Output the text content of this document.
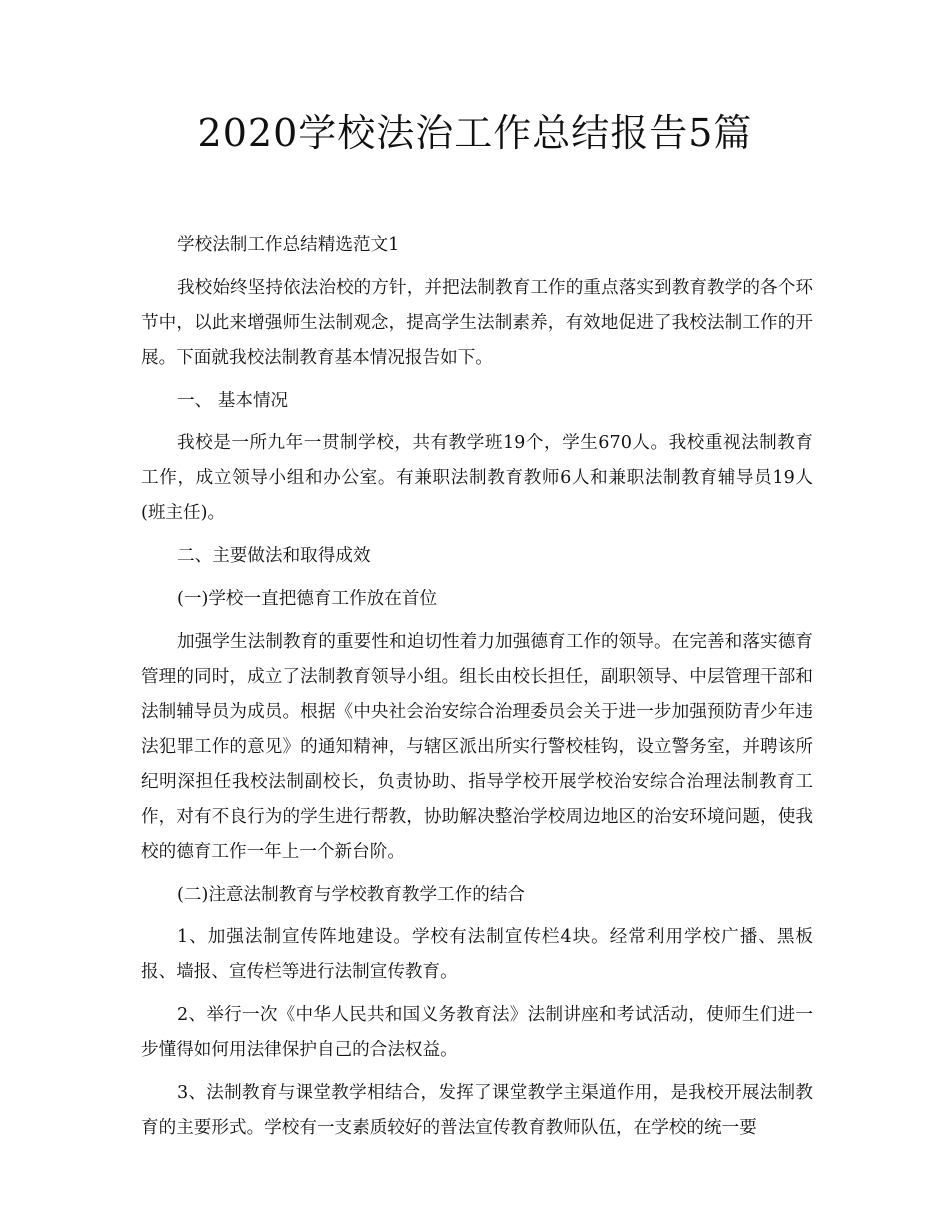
2020学校法治工作总结报告5篇

学校法制工作总结精选范文1

我校始终坚持依法治校的方针，并把法制教育工作的重点落实到教育教学的各个环节中，以此来增强师生法制观念，提高学生法制素养，有效地促进了我校法制工作的开展。下面就我校法制教育基本情况报告如下。

一、 基本情况

我校是一所九年一贯制学校，共有教学班19个，学生670人。我校重视法制教育工作，成立领导小组和办公室。有兼职法制教育教师6人和兼职法制教育辅导员19人(班主任)。

二、主要做法和取得成效

(一)学校一直把德育工作放在首位

加强学生法制教育的重要性和迫切性着力加强德育工作的领导。在完善和落实德育管理的同时，成立了法制教育领导小组。组长由校长担任，副职领导、中层管理干部和法制辅导员为成员。根据《中央社会治安综合治理委员会关于进一步加强预防青少年违法犯罪工作的意见》的通知精神，与辖区派出所实行警校桂钩，设立警务室，并聘该所纪明深担任我校法制副校长，负责协助、指导学校开展学校治安综合治理法制教育工作，对有不良行为的学生进行帮教，协助解决整治学校周边地区的治安环境问题，使我校的德育工作一年上一个新台阶。

(二)注意法制教育与学校教育教学工作的结合

1、加强法制宣传阵地建设。学校有法制宣传栏4块。经常利用学校广播、黑板报、墙报、宣传栏等进行法制宣传教育。

2、举行一次《中华人民共和国义务教育法》法制讲座和考试活动，使师生们进一步懂得如何用法律保护自己的合法权益。

3、法制教育与课堂教学相结合，发挥了课堂教学主渠道作用，是我校开展法制教育的主要形式。学校有一支素质较好的普法宣传教育教师队伍，在学校的统一要
